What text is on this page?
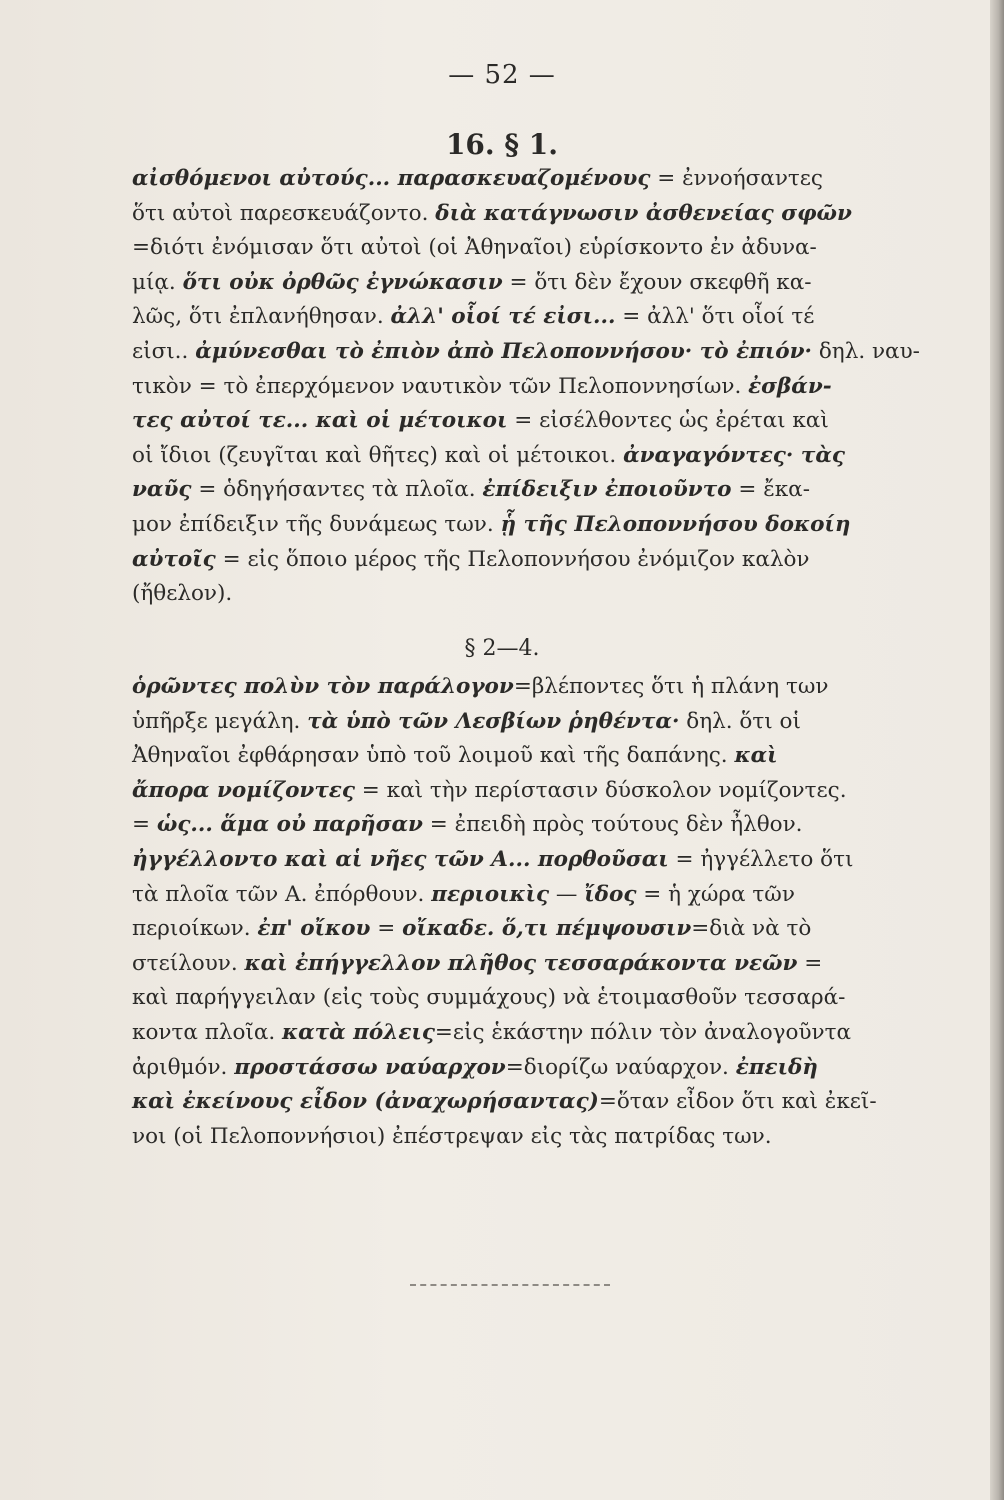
— 52 —
16. § 1.
αἰσθόμενοι αὐτούς... παρασκευαζομένους = ἐννοήσαντες
ὅτι αὐτοὶ παρεσκευάζοντο. διὰ κατάγνωσιν ἀσθενείας σφῶν
=διότι ἐνόμισαν ὅτι αὐτοὶ (οἱ Ἀθηναῖοι) εὑρίσκοντο ἐν ἀδυνα-
μίᾳ. ὅτι οὐκ ὀρθῶς ἐγνώκασιν = ὅτι δὲν ἔχουν σκεφθῆ κα-
λῶς, ὅτι ἐπλανήθησαν. ἀλλ' οἷοί τέ εἰσι... = ἀλλ' ὅτι οἷοί τέ
εἰσι.. ἀμύνεσθαι τὸ ἐπιὸν ἀπὸ Πελοποννήσου· τὸ ἐπιόν· δηλ. ναυ-
τικὸν = τὸ ἐπερχόμενον ναυτικὸν τῶν Πελοποννησίων. ἐσβάν-
τες αὐτοί τε... καὶ οἱ μέτοικοι = εἰσέλθοντες ὡς ἐρέται καὶ
οἱ ἴδιοι (ζευγῖται καὶ θῆτες) καὶ οἱ μέτοικοι. ἀναγαγόντες· τὰς
ναῦς = ὁδηγήσαντες τὰ πλοῖα. ἐπίδειξιν ἐποιοῦντο = ἔκα-
μον ἐπίδειξιν τῆς δυνάμεως των. ᾗ τῆς Πελοποννήσου δοκοίη
αὐτοῖς = εἰς ὅποιο μέρος τῆς Πελοποννήσου ἐνόμιζον καλὸν
(ἤθελον).
§ 2—4.
ὁρῶντες πολὺν τὸν παράλογον=βλέποντες ὅτι ἡ πλάνη των
ὑπῆρξε μεγάλη. τὰ ὑπὸ τῶν Λεσβίων ῥηθέντα· δηλ. ὅτι οἱ
Ἀθηναῖοι ἐφθάρησαν ὑπὸ τοῦ λοιμοῦ καὶ τῆς δαπάνης. καὶ
ἄπορα νομίζοντες = καὶ τὴν περίστασιν δύσκολον νομίζοντες.
= ὡς... ἅμα οὐ παρῆσαν = ἐπειδὴ πρὸς τούτους δὲν ἦλθον.
ἠγγέλλοντο καὶ αἱ νῆες τῶν Α... πορθοῦσαι = ἠγγέλλετο ὅτι
τὰ πλοῖα τῶν Α. ἐπόρθουν. περιοικὶς — ἴδος = ἡ χώρα τῶν
περιοίκων. ἐπ' οἴκου = οἴκαδε. ὅ,τι πέμψουσιν=διὰ νὰ τὸ
στείλουν. καὶ ἐπήγγελλον πλῆθος τεσσαράκοντα νεῶν =
καὶ παρήγγειλαν (εἰς τοὺς συμμάχους) νὰ ἑτοιμασθοῦν τεσσαρά-
κοντα πλοῖα. κατὰ πόλεις=εἰς ἑκάστην πόλιν τὸν ἀναλογοῦντα
ἀριθμόν. προστάσσω ναύαρχον=διορίζω ναύαρχον. ἐπειδὴ
καὶ ἐκείνους εἶδον (ἀναχωρήσαντας)=ὅταν εἶδον ὅτι καὶ ἐκεῖ-
νοι (οἱ Πελοποννήσιοι) ἐπέστρεψαν εἰς τὰς πατρίδας των.
